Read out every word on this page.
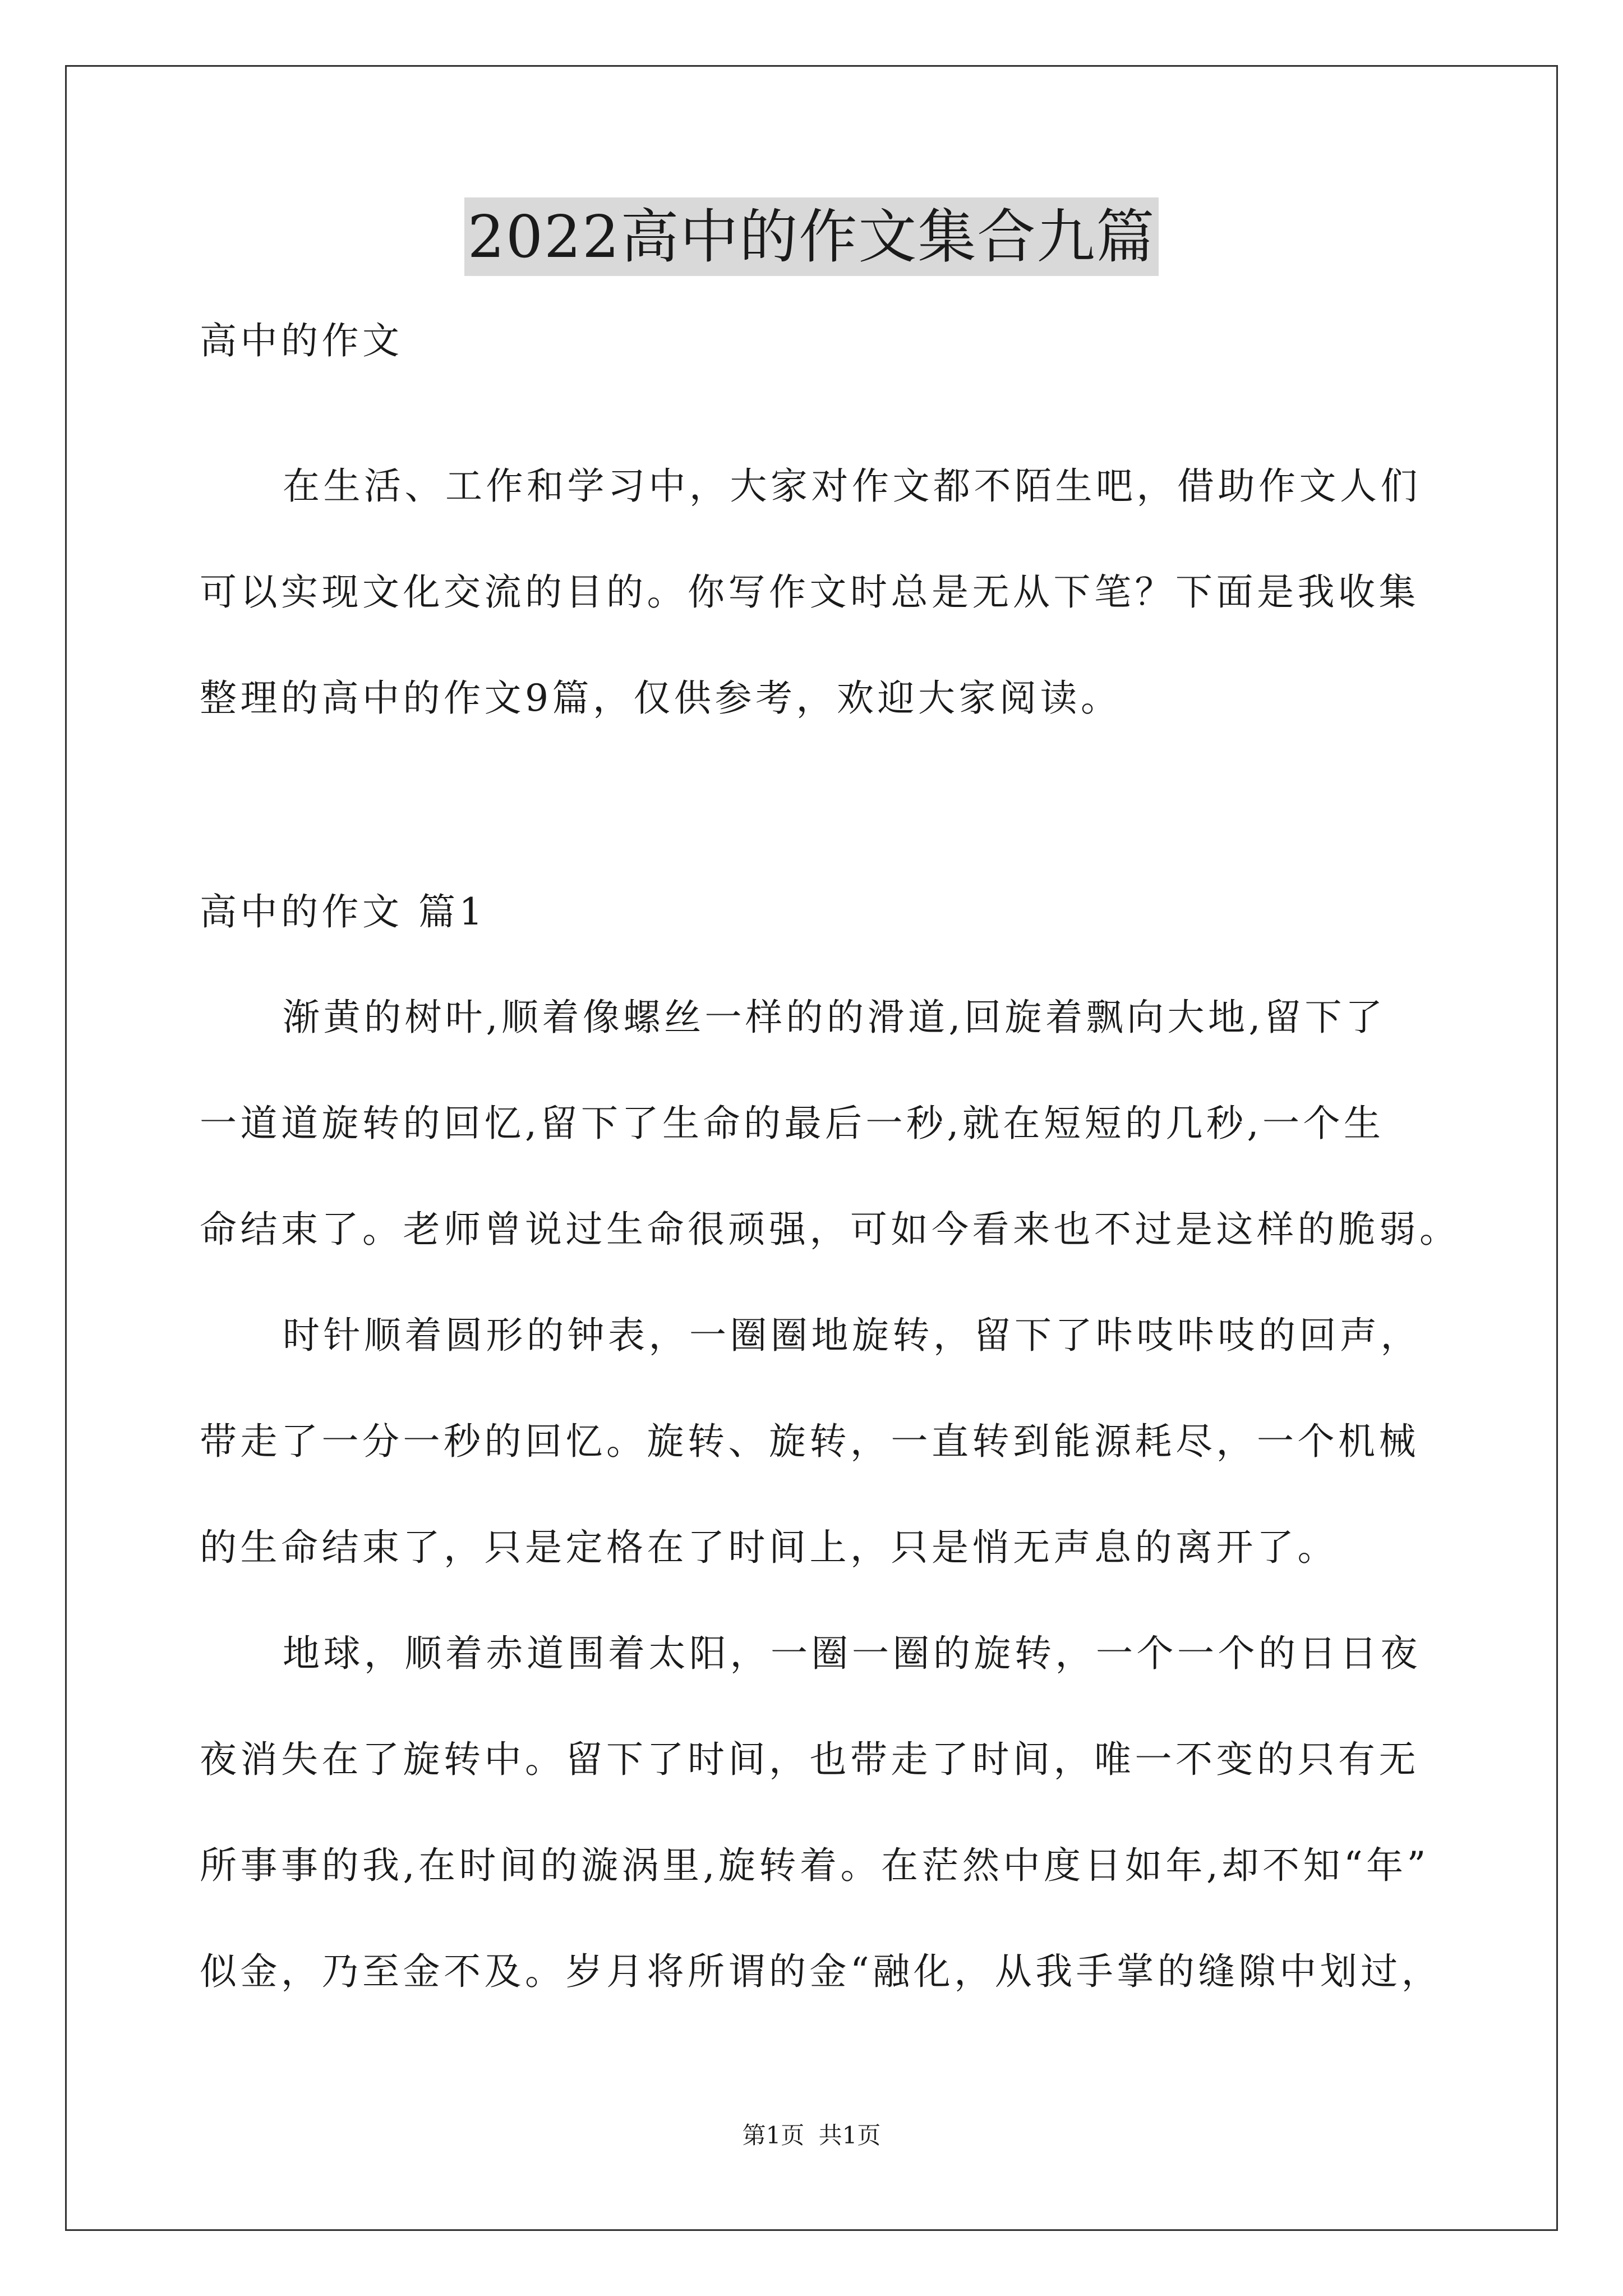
2022高中的作文集合九篇
高中的作文
在生活、工作和学习中，大家对作文都不陌生吧，借助作文人们
可以实现文化交流的目的。你写作文时总是无从下笔？下面是我收集
整理的高中的作文9篇，仅供参考，欢迎大家阅读。
高中的作文 篇1
渐黄的树叶,顺着像螺丝一样的的滑道,回旋着飘向大地,留下了
一道道旋转的回忆,留下了生命的最后一秒,就在短短的几秒,一个生
命结束了。老师曾说过生命很顽强，可如今看来也不过是这样的脆弱。
时针顺着圆形的钟表，一圈圈地旋转，留下了咔吱咔吱的回声，
带走了一分一秒的回忆。旋转、旋转，一直转到能源耗尽，一个机械
的生命结束了，只是定格在了时间上，只是悄无声息的离开了。
地球，顺着赤道围着太阳，一圈一圈的旋转，一个一个的日日夜
夜消失在了旋转中。留下了时间，也带走了时间，唯一不变的只有无
所事事的我,在时间的漩涡里,旋转着。在茫然中度日如年,却不知“年”
似金，乃至金不及。岁月将所谓的金“融化，从我手掌的缝隙中划过，
第1页 共1页
